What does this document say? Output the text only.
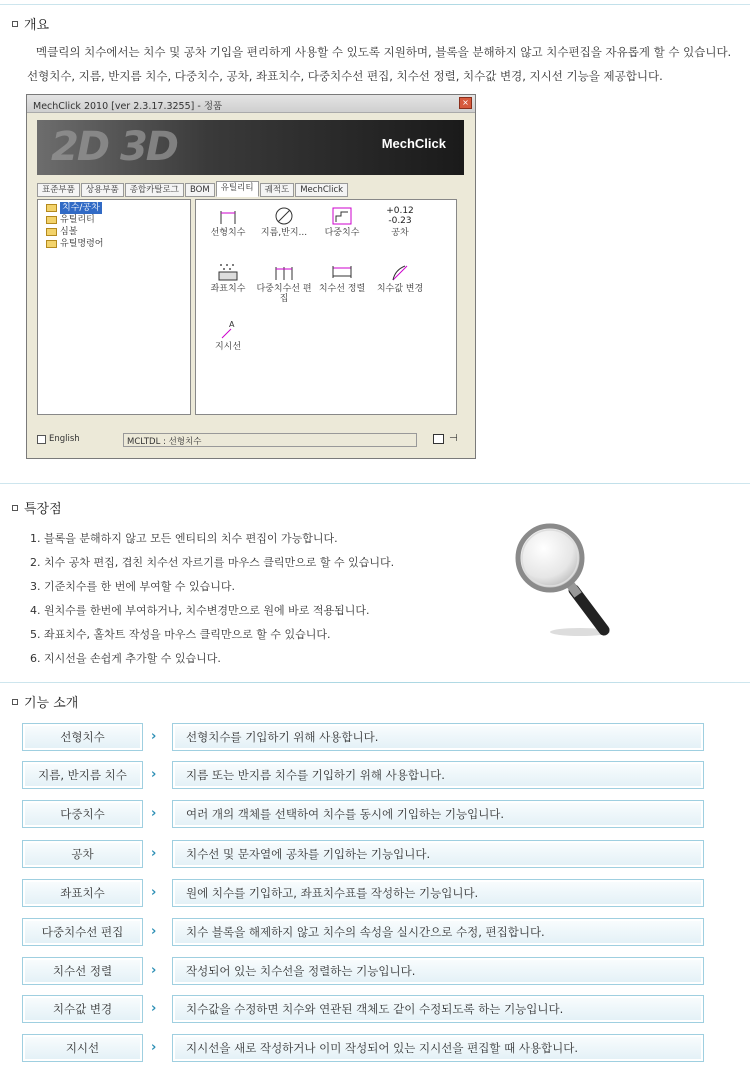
개요
멕클릭의 치수에서는 치수 및 공차 기입을 편리하게 사용할 수 있도록 지원하며, 블록을 분해하지 않고 치수편집을 자유롭게 할 수 있습니다.
선형치수, 지름, 반지름 치수, 다중치수, 공차, 좌표치수, 다중치수선 편집, 치수선 정렬, 치수값 변경, 지시선 기능을 제공합니다.
MechClick 2010 [ver 2.3.17.3255] - 정품	×
2D 3D	MechClick
표준부품	상용부품	종합카탈로그	BOM	유틸리티	궤적도	MechClick
치수/공차
유틸리티
심볼
유틸명령어
선형치수	지름,반지...	다중치수
+0.12
-0.23
공차
좌표치수	다중치수선 편집
치수선 정렬	치수값 변경
A
지시선
English	MCLTDL : 선형치수	⊣
특장점
1. 블록을 분해하지 않고 모든 엔티티의 치수 편집이 가능합니다.
2. 치수 공차 편집, 겹친 치수선 자르기를 마우스 클릭만으로 할 수 있습니다.
3. 기준치수를 한 번에 부여할 수 있습니다.
4. 원치수를 한번에 부여하거나, 치수변경만으로 원에 바로 적용됩니다.
5. 좌표치수, 홀차트 작성을 마우스 클릭만으로 할 수 있습니다.
6. 지시선을 손쉽게 추가할 수 있습니다.
기능 소개
선형치수	›	선형치수를 기입하기 위해 사용합니다.
지름, 반지름 치수	›	지름 또는 반지름 치수를 기입하기 위해 사용합니다.
다중치수	›	여러 개의 객체를 선택하여 치수를 동시에 기입하는 기능입니다.
공차	›	치수선 및 문자열에 공차를 기입하는 기능입니다.
좌표치수	›	원에 치수를 기입하고, 좌표치수표를 작성하는 기능입니다.
다중치수선 편집	›	치수 블록을 해제하지 않고 치수의 속성을 실시간으로 수정, 편집합니다.
치수선 정렬	›	작성되어 있는 치수선을 정렬하는 기능입니다.
치수값 변경	›	치수값을 수정하면 치수와 연관된 객체도 같이 수정되도록 하는 기능입니다.
지시선	›	지시선을 새로 작성하거나 이미 작성되어 있는 지시선을 편집할 때 사용합니다.
